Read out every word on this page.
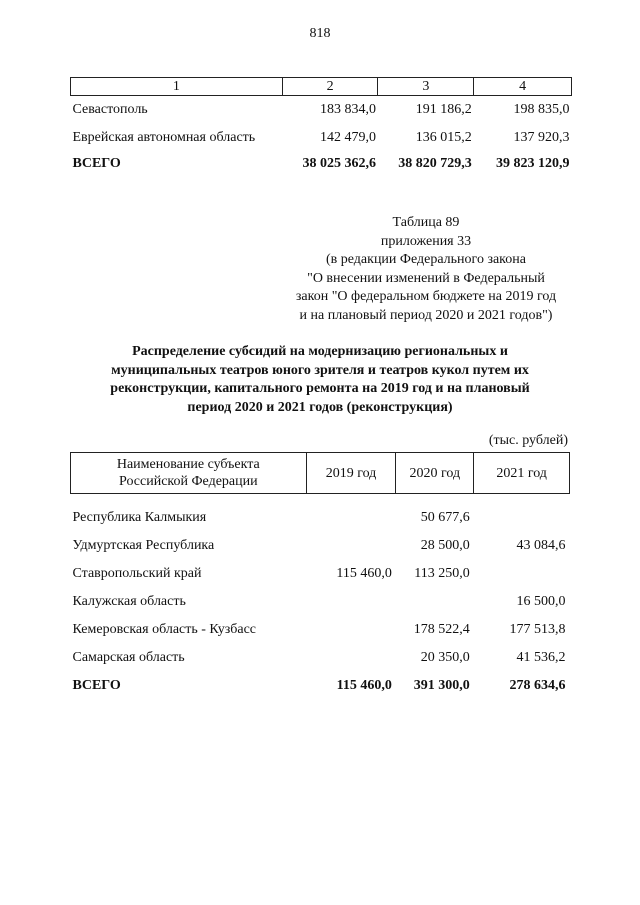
818
1	2	3	4
Севастополь	183 834,0	191 186,2	198 835,0
Еврейская автономная область	142 479,0	136 015,2	137 920,3
ВСЕГО	38 025 362,6	38 820 729,3	39 823 120,9
Таблица 89
приложения 33
(в редакции Федерального закона
"О внесении изменений в Федеральный
закон "О федеральном бюджете на 2019 год
и на плановый период 2020 и 2021 годов")
Распределение субсидий на модернизацию региональных и
муниципальных театров юного зрителя и театров кукол путем их
реконструкции, капитального ремонта на 2019 год и на плановый
период 2020 и 2021 годов (реконструкция)
(тыс. рублей)
Наименование субъекта
Российской Федерации	2019 год	2020 год	2021 год
Республика Калмыкия		50 677,6	
Удмуртская Республика		28 500,0	43 084,6
Ставропольский край	115 460,0	113 250,0	
Калужская область			16 500,0
Кемеровская область - Кузбасс		178 522,4	177 513,8
Самарская область		20 350,0	41 536,2
ВСЕГО	115 460,0	391 300,0	278 634,6
